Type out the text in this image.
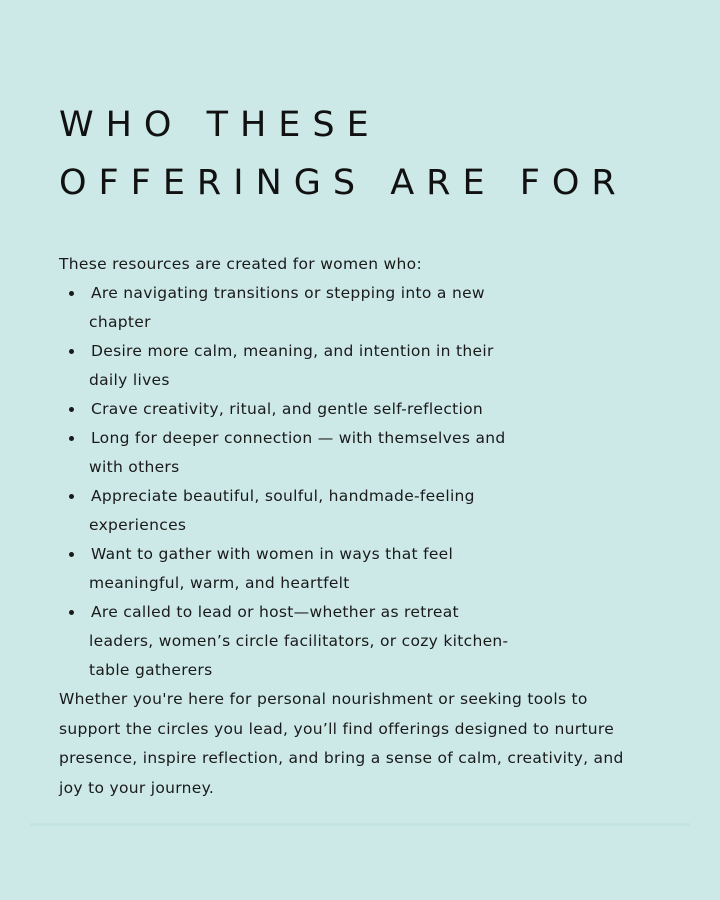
WHO THESE
OFFERINGS ARE FOR

These resources are created for women who:

Are navigating transitions or stepping into a new
chapter
Desire more calm, meaning, and intention in their
daily lives
Crave creativity, ritual, and gentle self-reflection
Long for deeper connection — with themselves and
with others
Appreciate beautiful, soulful, handmade-feeling
experiences
Want to gather with women in ways that feel
meaningful, warm, and heartfelt
Are called to lead or host—whether as retreat
leaders, women’s circle facilitators, or cozy kitchen-
table gatherers

Whether you're here for personal nourishment or seeking tools to
support the circles you lead, you’ll find offerings designed to nurture
presence, inspire reflection, and bring a sense of calm, creativity, and
joy to your journey.
